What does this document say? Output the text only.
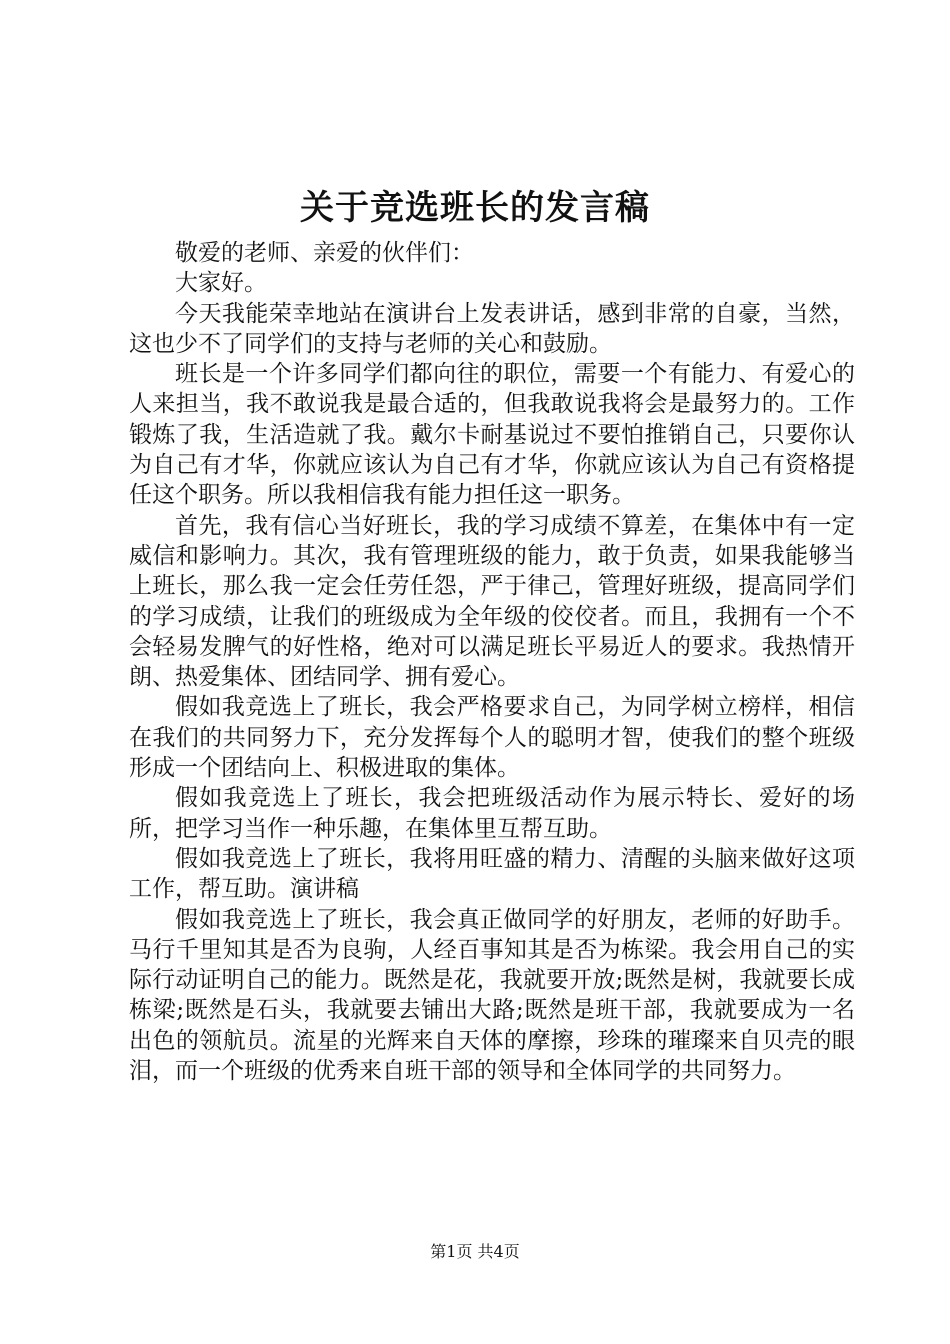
关于竞选班长的发言稿

敬爱的老师、亲爱的伙伴们：

大家好。

今天我能荣幸地站在演讲台上发表讲话，感到非常的自豪，当然，这也少不了同学们的支持与老师的关心和鼓励。

班长是一个许多同学们都向往的职位，需要一个有能力、有爱心的人来担当，我不敢说我是最合适的，但我敢说我将会是最努力的。工作锻炼了我，生活造就了我。戴尔卡耐基说过不要怕推销自己，只要你认为自己有才华，你就应该认为自己有才华，你就应该认为自己有资格提任这个职务。所以我相信我有能力担任这一职务。

首先，我有信心当好班长，我的学习成绩不算差，在集体中有一定威信和影响力。其次，我有管理班级的能力，敢于负责，如果我能够当上班长，那么我一定会任劳任怨，严于律己，管理好班级，提高同学们的学习成绩，让我们的班级成为全年级的佼佼者。而且，我拥有一个不会轻易发脾气的好性格，绝对可以满足班长平易近人的要求。我热情开朗、热爱集体、团结同学、拥有爱心。

假如我竞选上了班长，我会严格要求自己，为同学树立榜样，相信在我们的共同努力下，充分发挥每个人的聪明才智，使我们的整个班级形成一个团结向上、积极进取的集体。

假如我竞选上了班长，我会把班级活动作为展示特长、爱好的场所，把学习当作一种乐趣，在集体里互帮互助。

假如我竞选上了班长，我将用旺盛的精力、清醒的头脑来做好这项工作，帮互助。演讲稿

假如我竞选上了班长，我会真正做同学的好朋友，老师的好助手。马行千里知其是否为良驹，人经百事知其是否为栋梁。我会用自己的实际行动证明自己的能力。既然是花，我就要开放;既然是树，我就要长成栋梁;既然是石头，我就要去铺出大路;既然是班干部，我就要成为一名出色的领航员。流星的光辉来自天体的摩擦，珍珠的璀璨来自贝壳的眼泪，而一个班级的优秀来自班干部的领导和全体同学的共同努力。

第1页 共4页
